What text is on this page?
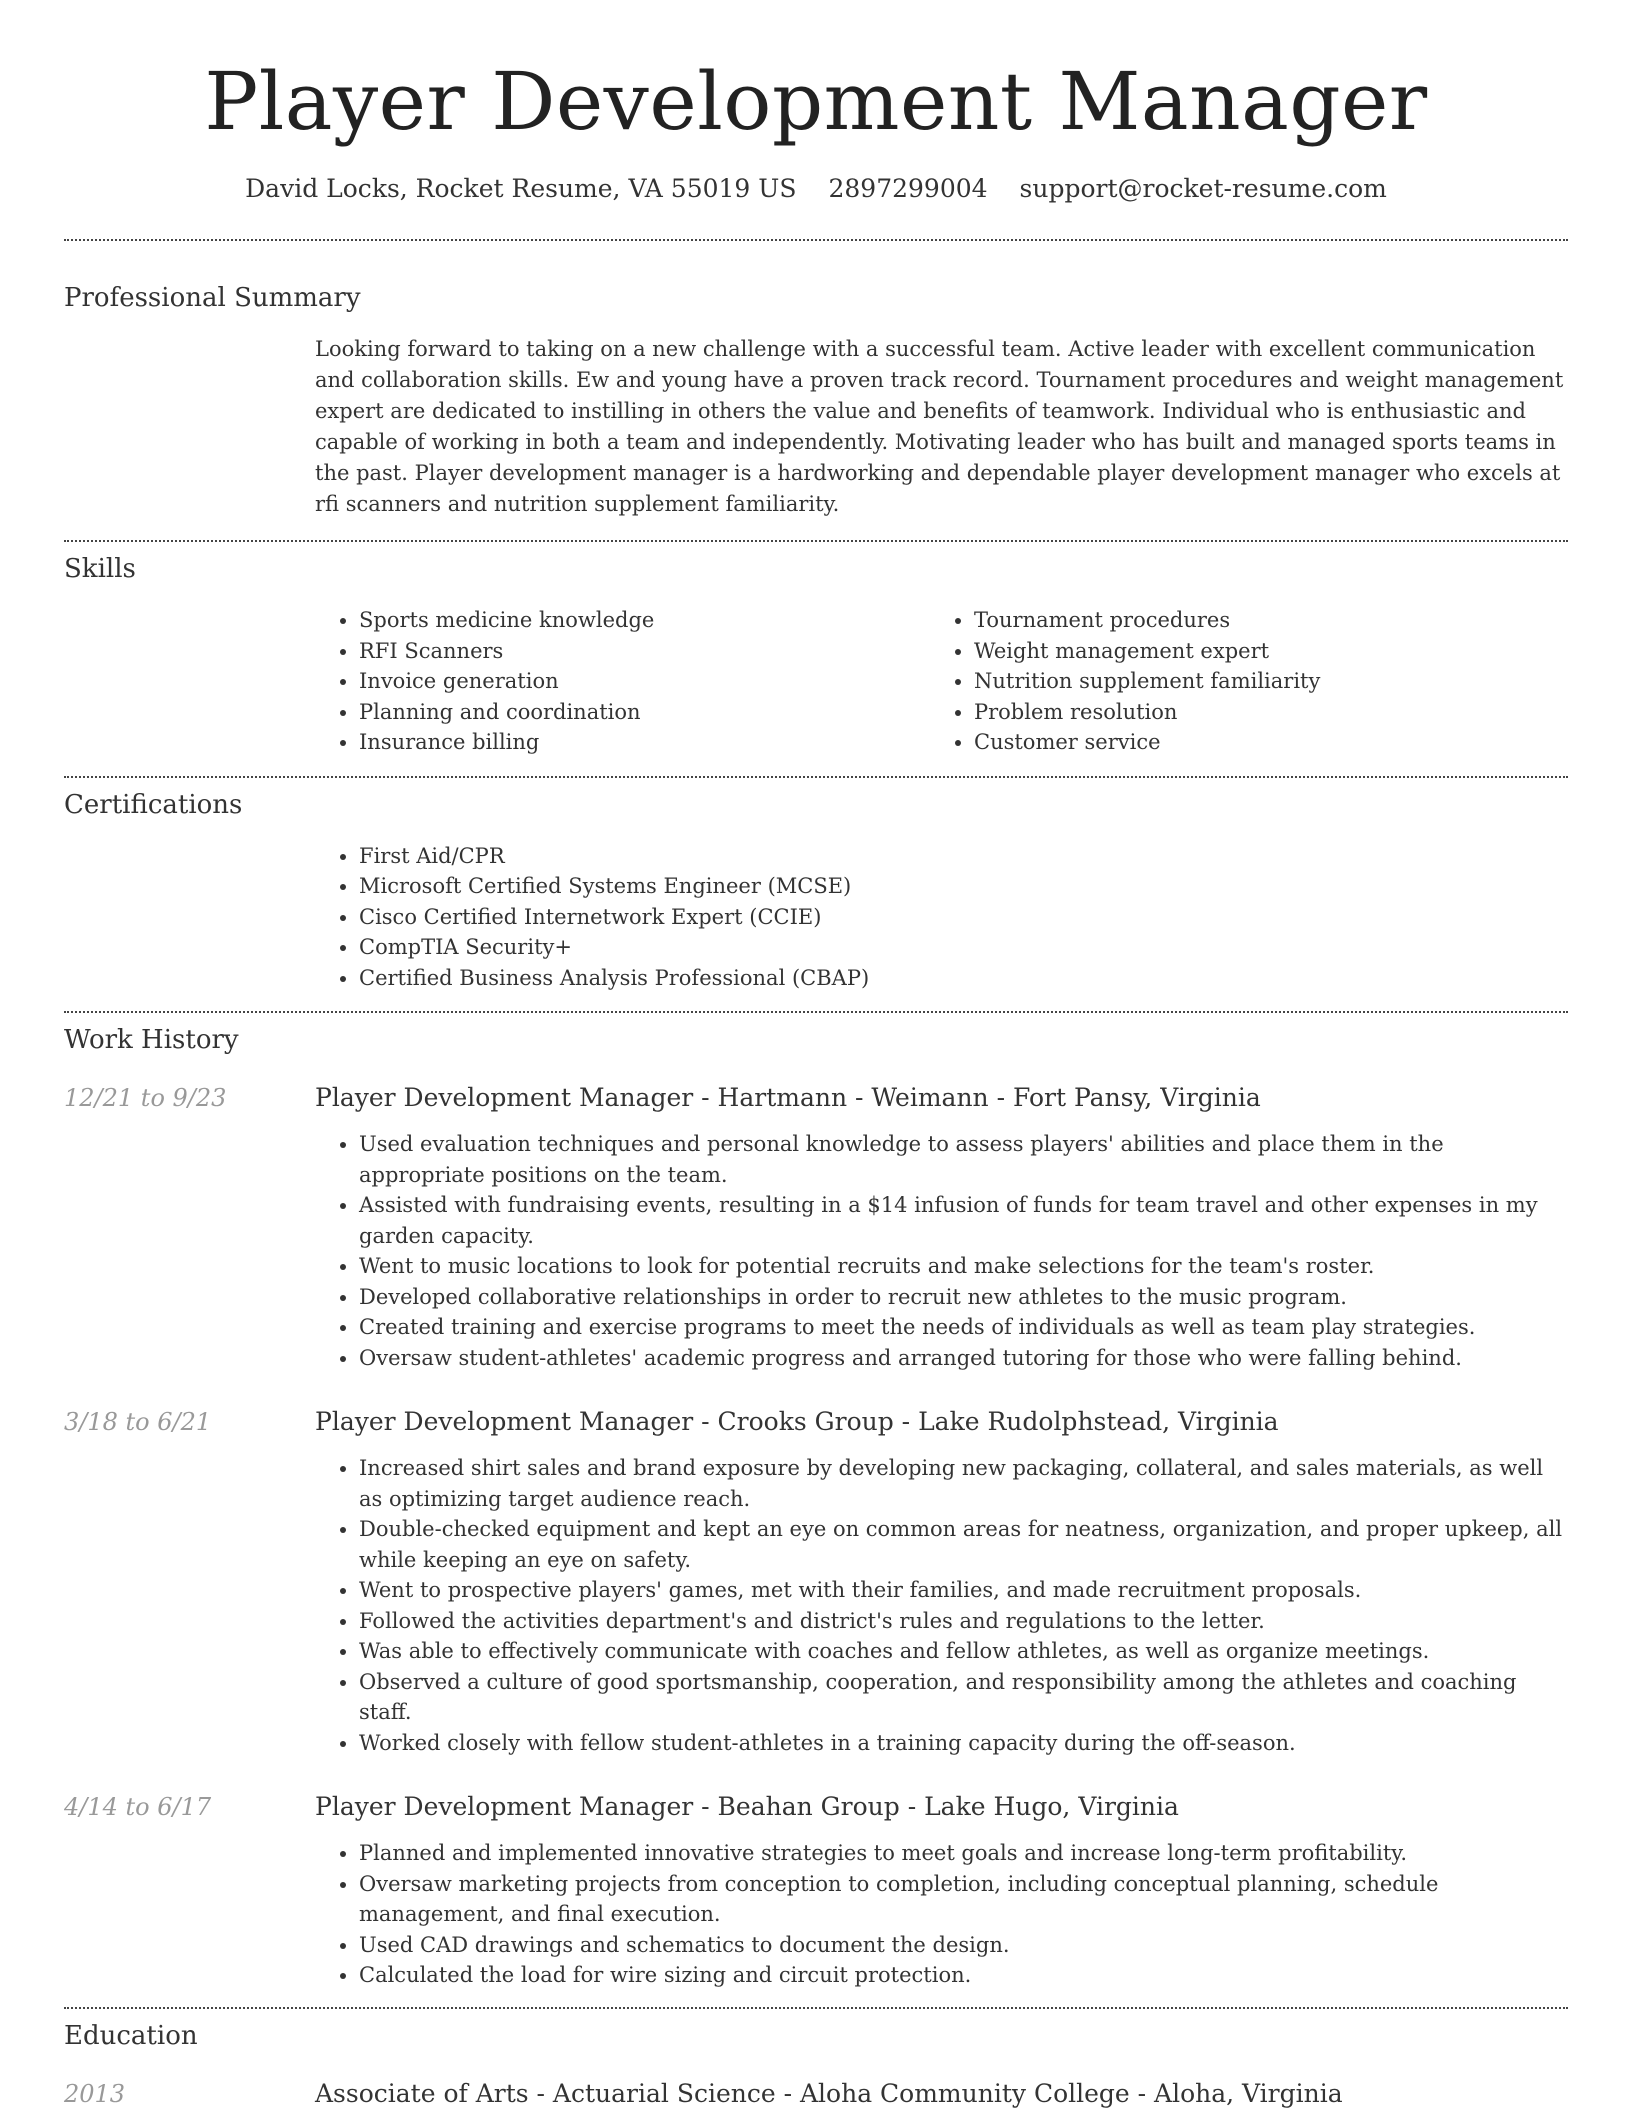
Player Development Manager
David Locks, Rocket Resume, VA 55019 US 2897299004 support@rocket-resume.com
Professional Summary

Looking forward to taking on a new challenge with a successful team. Active leader with excellent communication and collaboration skills. Ew and young have a proven track record. Tournament procedures and weight management expert are dedicated to instilling in others the value and benefits of teamwork. Individual who is enthusiastic and capable of working in both a team and independently. Motivating leader who has built and managed sports teams in the past. Player development manager is a hardworking and dependable player development manager who excels at rfi scanners and nutrition supplement familiarity.

Skills
• Sports medicine knowledge
• RFI Scanners
• Invoice generation
• Planning and coordination
• Insurance billing
• Tournament procedures
• Weight management expert
• Nutrition supplement familiarity
• Problem resolution
• Customer service
Certifications
• First Aid/CPR
• Microsoft Certified Systems Engineer (MCSE)
• Cisco Certified Internetwork Expert (CCIE)
• CompTIA Security+
• Certified Business Analysis Professional (CBAP)
Work History
12/21 to 9/23	Player Development Manager - Hartmann - Weimann - Fort Pansy, Virginia
• Used evaluation techniques and personal knowledge to assess players' abilities and place them in the appropriate positions on the team.
• Assisted with fundraising events, resulting in a $14 infusion of funds for team travel and other expenses in my garden capacity.
• Went to music locations to look for potential recruits and make selections for the team's roster.
• Developed collaborative relationships in order to recruit new athletes to the music program.
• Created training and exercise programs to meet the needs of individuals as well as team play strategies.
• Oversaw student-athletes' academic progress and arranged tutoring for those who were falling behind.
3/18 to 6/21	Player Development Manager - Crooks Group - Lake Rudolphstead, Virginia
• Increased shirt sales and brand exposure by developing new packaging, collateral, and sales materials, as well as optimizing target audience reach.
• Double-checked equipment and kept an eye on common areas for neatness, organization, and proper upkeep, all while keeping an eye on safety.
• Went to prospective players' games, met with their families, and made recruitment proposals.
• Followed the activities department's and district's rules and regulations to the letter.
• Was able to effectively communicate with coaches and fellow athletes, as well as organize meetings.
• Observed a culture of good sportsmanship, cooperation, and responsibility among the athletes and coaching staff.
• Worked closely with fellow student-athletes in a training capacity during the off-season.
4/14 to 6/17	Player Development Manager - Beahan Group - Lake Hugo, Virginia
• Planned and implemented innovative strategies to meet goals and increase long-term profitability.
• Oversaw marketing projects from conception to completion, including conceptual planning, schedule management, and final execution.
• Used CAD drawings and schematics to document the design.
• Calculated the load for wire sizing and circuit protection.
Education
2013	Associate of Arts - Actuarial Science - Aloha Community College - Aloha, Virginia
